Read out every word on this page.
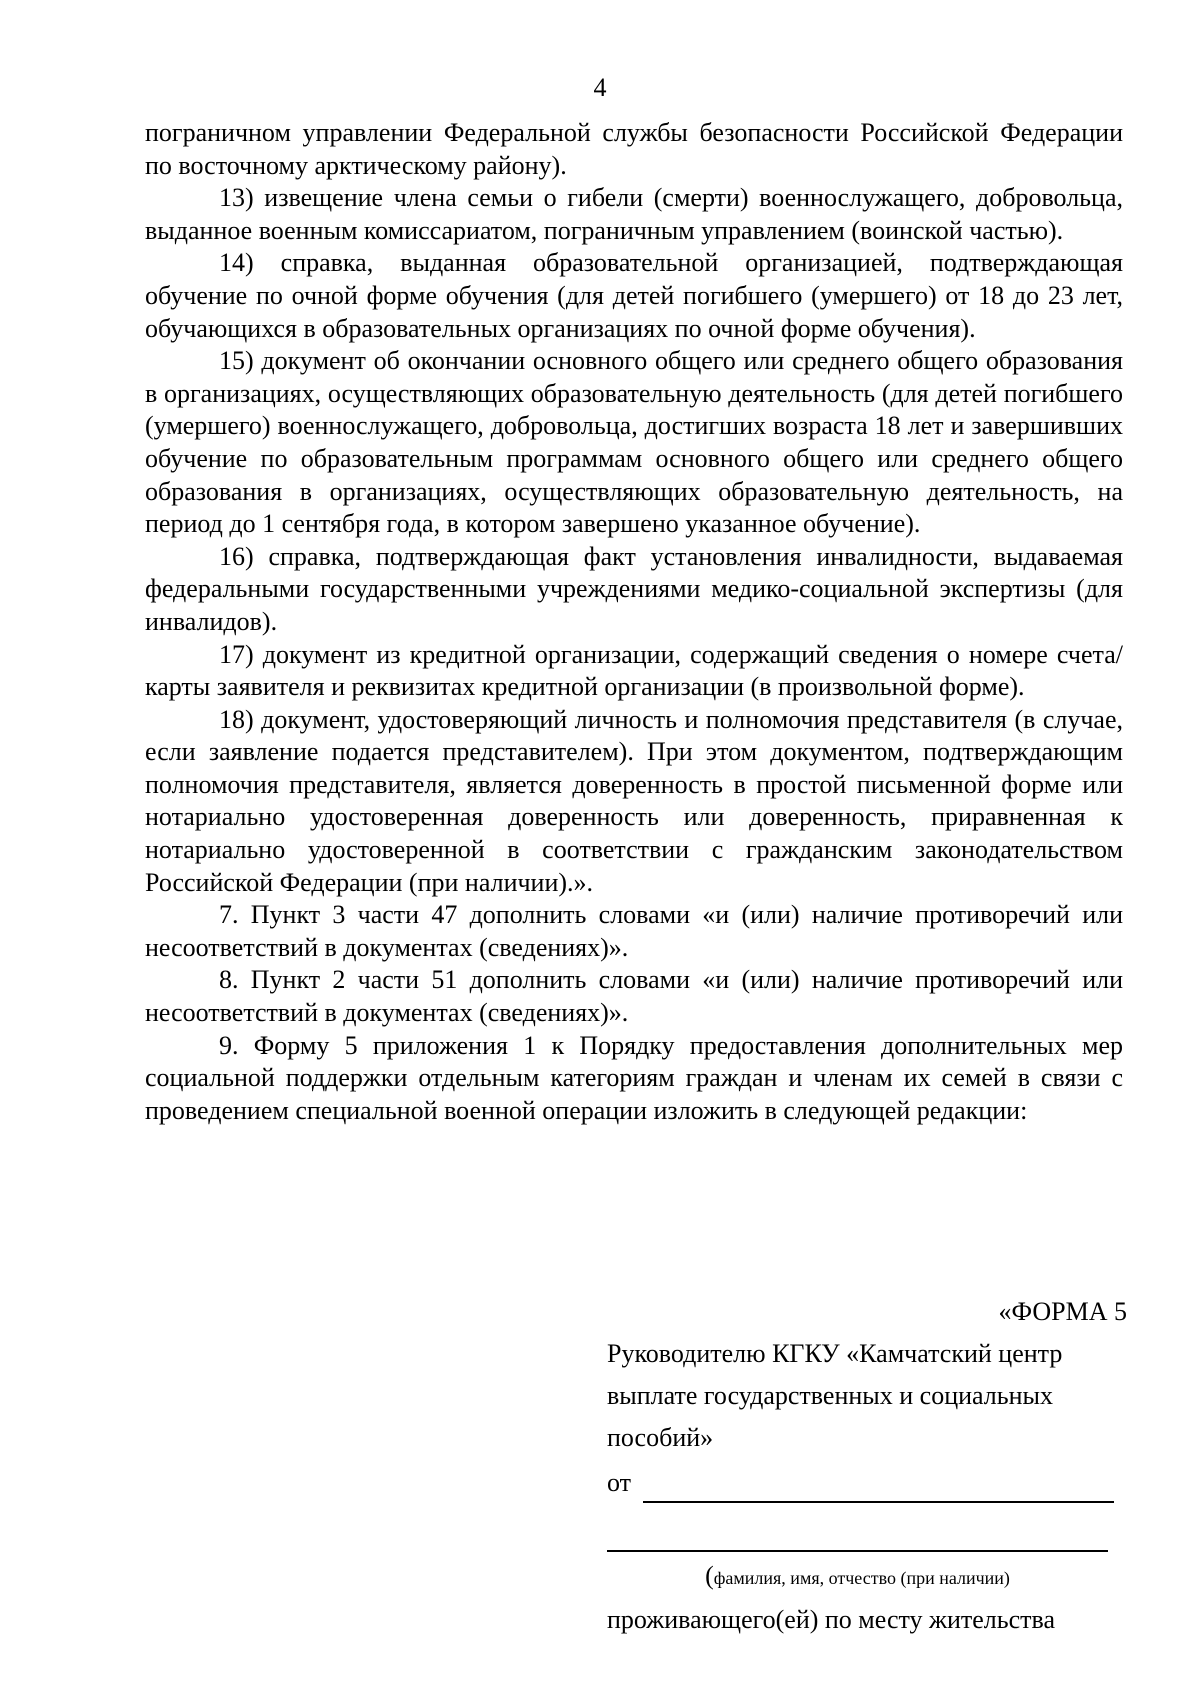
4

пограничном управлении Федеральной службы безопасности Российской Федерации по восточному арктическому району).

13) извещение члена семьи о гибели (смерти) военнослужащего, добровольца, выданное военным комиссариатом, пограничным управлением (воинской частью).

14) справка, выданная образовательной организацией, подтверждающая обучение по очной форме обучения (для детей погибшего (умершего) от 18 до 23 лет, обучающихся в образовательных организациях по очной форме обучения).

15) документ об окончании основного общего или среднего общего образования в организациях, осуществляющих образовательную деятельность (для детей погибшего (умершего) военнослужащего, добровольца, достигших возраста 18 лет и завершивших обучение по образовательным программам основного общего или среднего общего образования в организациях, осуществляющих образовательную деятельность, на период до 1 сентября года, в котором завершено указанное обучение).

16) справка, подтверждающая факт установления инвалидности, выдаваемая федеральными государственными учреждениями медико-социальной экспертизы (для инвалидов).

17) документ из кредитной организации, содержащий сведения о номере счета/карты заявителя и реквизитах кредитной организации (в произвольной форме).

18) документ, удостоверяющий личность и полномочия представителя (в случае, если заявление подается представителем). При этом документом, подтверждающим полномочия представителя, является доверенность в простой письменной форме или нотариально удостоверенная доверенность или доверенность, приравненная к нотариально удостоверенной в соответствии с гражданским законодательством Российской Федерации (при наличии).».

7. Пункт 3 части 47 дополнить словами «и (или) наличие противоречий или несоответствий в документах (сведениях)».

8. Пункт 2 части 51 дополнить словами «и (или) наличие противоречий или несоответствий в документах (сведениях)».

9. Форму 5 приложения 1 к Порядку предоставления дополнительных мер социальной поддержки отдельным категориям граждан и членам их семей в связи с проведением специальной военной операции изложить в следующей редакции:

«ФОРМА 5
Руководителю КГКУ «Камчатский центр выплате государственных и социальных пособий»
от
(фамилия, имя, отчество (при наличии)
проживающего(ей) по месту жительства
